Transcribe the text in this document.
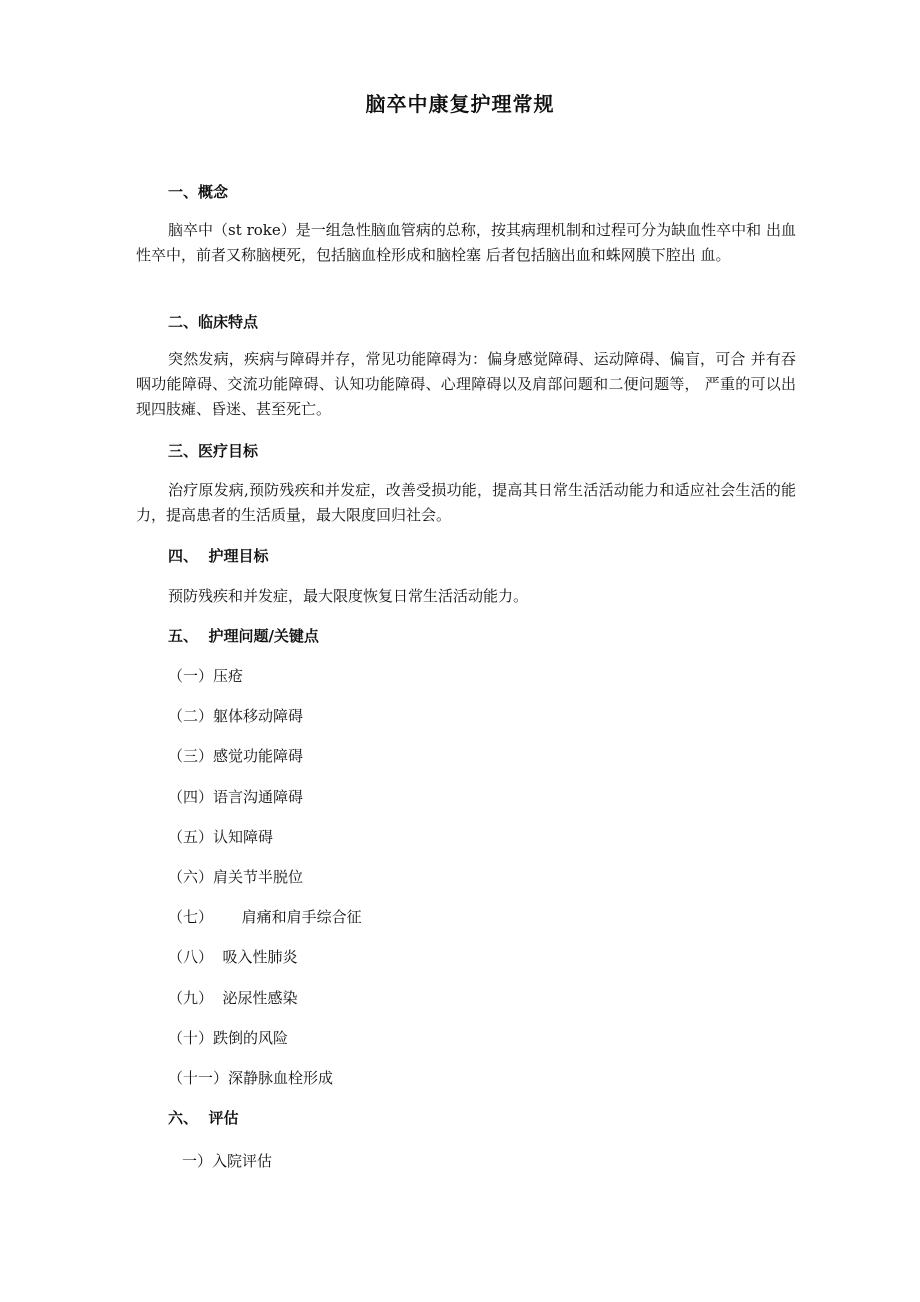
脑卒中康复护理常规
一、概念

脑卒中（st roke）是一组急性脑血管病的总称，按其病理机制和过程可分为缺血性卒中和 出血性卒中，前者又称脑梗死，包括脑血栓形成和脑栓塞 后者包括脑出血和蛛网膜下腔出 血。

二、临床特点

突然发病，疾病与障碍并存，常见功能障碍为：偏身感觉障碍、运动障碍、偏盲，可合 并有吞咽功能障碍、交流功能障碍、认知功能障碍、心理障碍以及肩部问题和二便问题等， 严重的可以出现四肢瘫、昏迷、甚至死亡。

三、医疗目标

治疗原发病,预防残疾和并发症，改善受损功能，提高其日常生活活动能力和适应社会生活的能力，提高患者的生活质量，最大限度回归社会。

四、  护理目标

预防残疾和并发症，最大限度恢复日常生活活动能力。

五、  护理问题/关键点

（一）压疮

（二）躯体移动障碍

（三）感觉功能障碍

（四）语言沟通障碍

（五）认知障碍

（六）肩关节半脱位

（七）      肩痛和肩手综合征

（八）  吸入性肺炎

（九）  泌尿性感染

（十）跌倒的风险

（十一）深静脉血栓形成

六、  评估

一）入院评估
